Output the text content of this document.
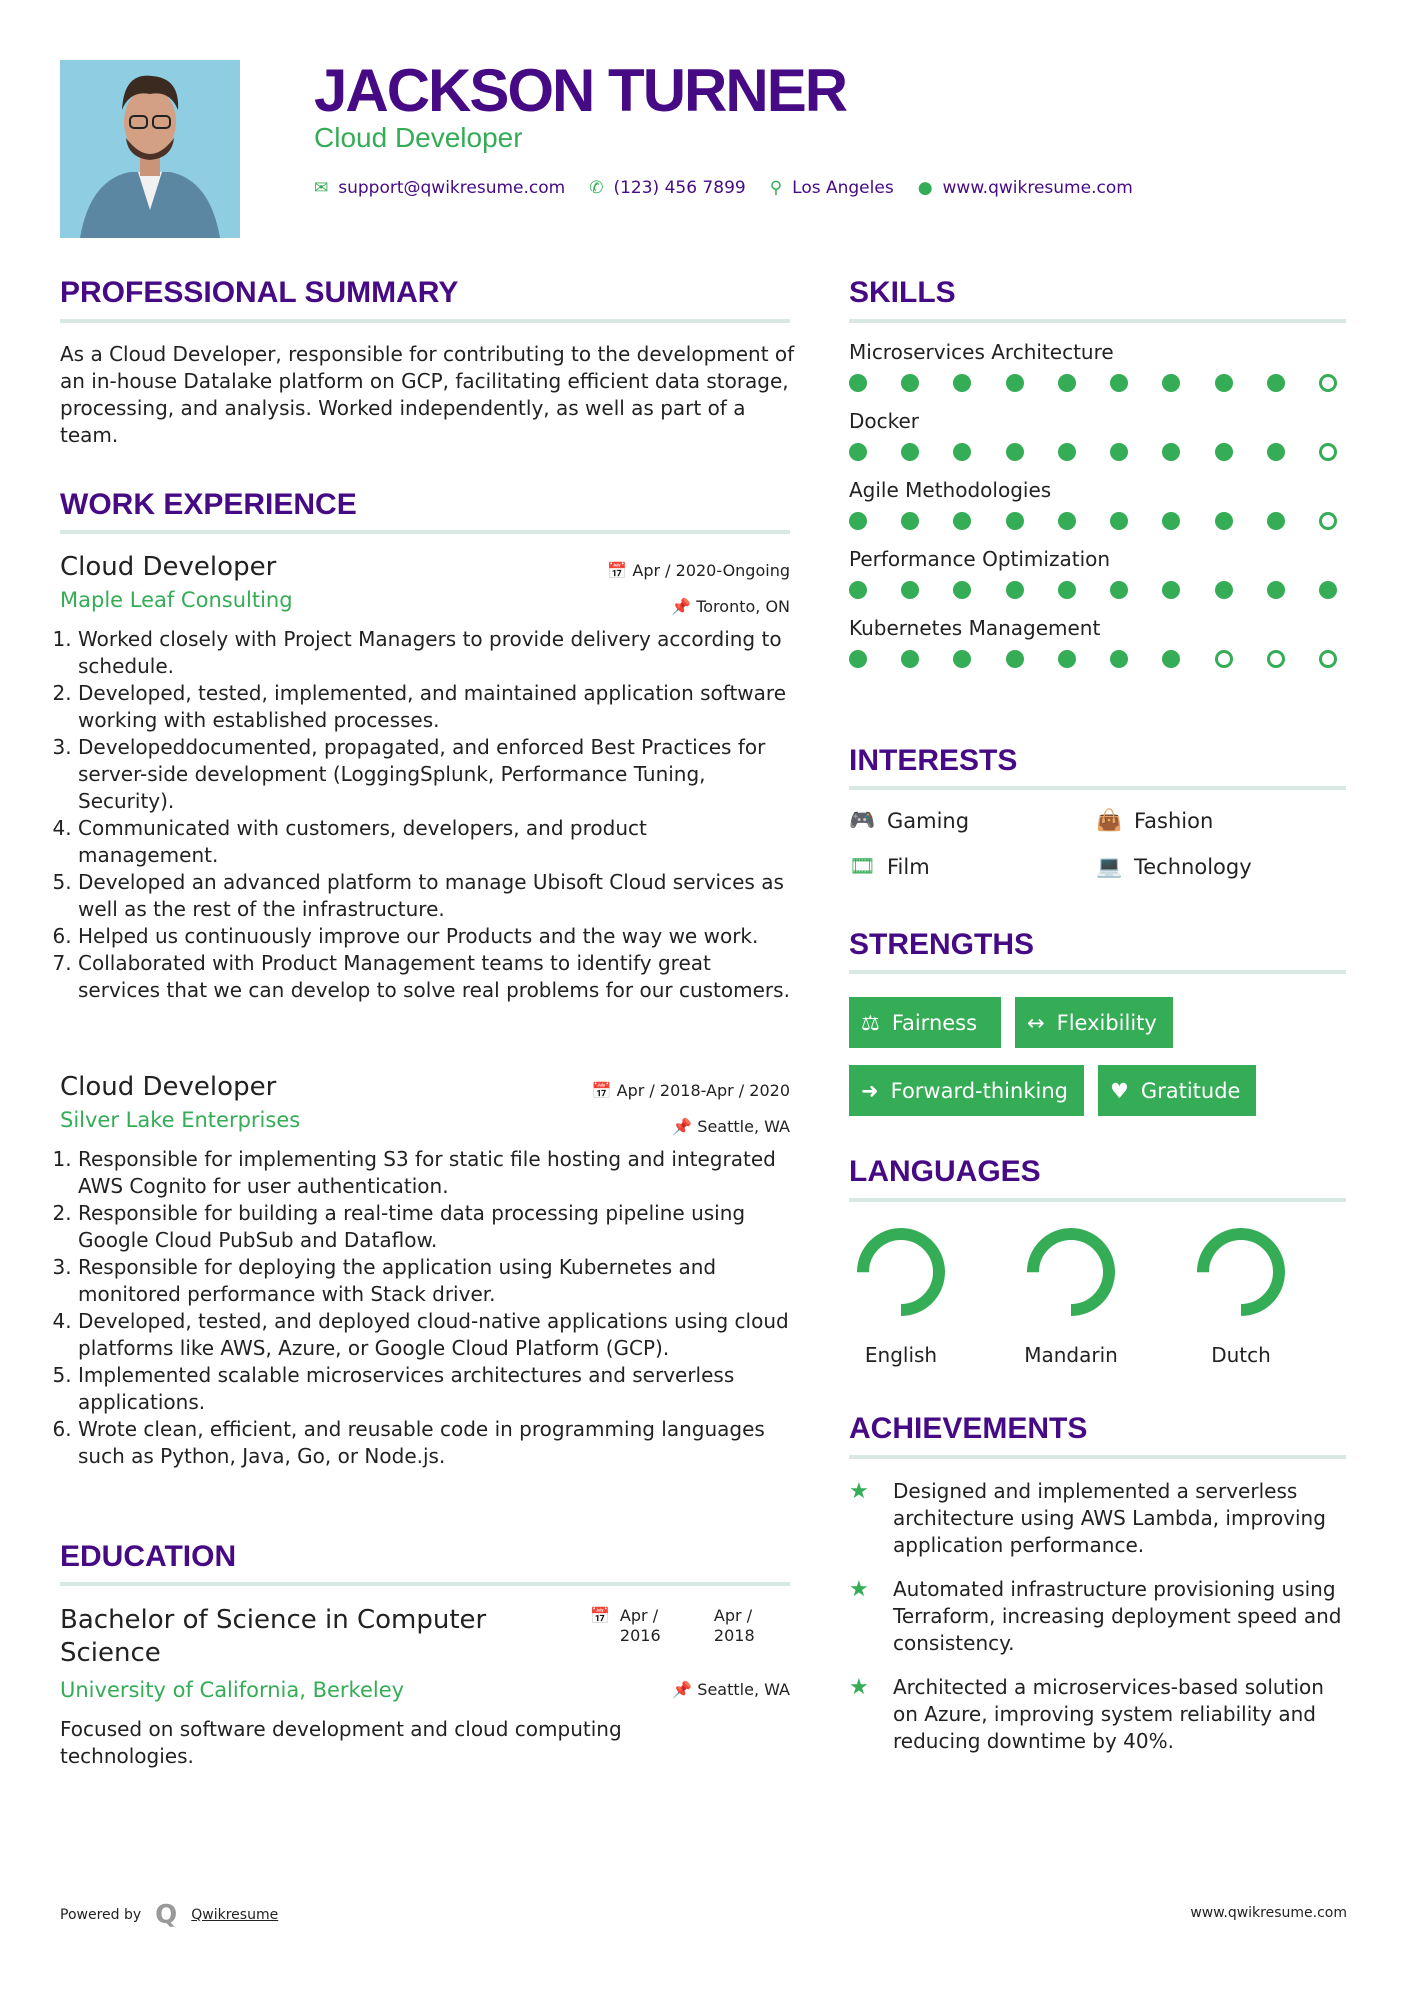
JACKSON TURNER
Cloud Developer
✉ support@qwikresume.com ✆ (123) 456 7899 ⚲ Los Angeles ● www.qwikresume.com
PROFESSIONAL SUMMARY
As a Cloud Developer, responsible for contributing to the development of an in-house Datalake platform on GCP, facilitating efficient data storage, processing, and analysis. Worked independently, as well as part of a team.
WORK EXPERIENCE
Cloud Developer	📅 Apr / 2020-Ongoing
Maple Leaf Consulting	📌 Toronto, ON
1. Worked closely with Project Managers to provide delivery according to schedule.
2. Developed, tested, implemented, and maintained application software working with established processes.
3. Developeddocumented, propagated, and enforced Best Practices for server-side development (LoggingSplunk, Performance Tuning, Security).
4. Communicated with customers, developers, and product management.
5. Developed an advanced platform to manage Ubisoft Cloud services as well as the rest of the infrastructure.
6. Helped us continuously improve our Products and the way we work.
7. Collaborated with Product Management teams to identify great services that we can develop to solve real problems for our customers.
Cloud Developer	📅 Apr / 2018-Apr / 2020
Silver Lake Enterprises	📌 Seattle, WA
1. Responsible for implementing S3 for static file hosting and integrated AWS Cognito for user authentication.
2. Responsible for building a real-time data processing pipeline using Google Cloud PubSub and Dataflow.
3. Responsible for deploying the application using Kubernetes and monitored performance with Stack driver.
4. Developed, tested, and deployed cloud-native applications using cloud platforms like AWS, Azure, or Google Cloud Platform (GCP).
5. Implemented scalable microservices architectures and serverless applications.
6. Wrote clean, efficient, and reusable code in programming languages such as Python, Java, Go, or Node.js.
EDUCATION
Bachelor of Science in Computer Science
📅 Apr / 2016
Apr / 2018
University of California, Berkeley	📌 Seattle, WA
Focused on software development and cloud computing technologies.
SKILLS
Microservices Architecture
Docker
Agile Methodologies
Performance Optimization
Kubernetes Management
INTERESTS
🎮 Gaming	👜 Fashion
🎞 Film	💻 Technology
STRENGTHS
⚖ Fairness ↔ Flexibility
➜ Forward-thinking ♥ Gratitude
LANGUAGES
English	Mandarin	Dutch
ACHIEVEMENTS
★	Designed and implemented a serverless architecture using AWS Lambda, improving application performance.
★	Automated infrastructure provisioning using Terraform, increasing deployment speed and consistency.
★	Architected a microservices-based solution on Azure, improving system reliability and reducing downtime by 40%.
Powered by Q Qwikresume	www.qwikresume.com
